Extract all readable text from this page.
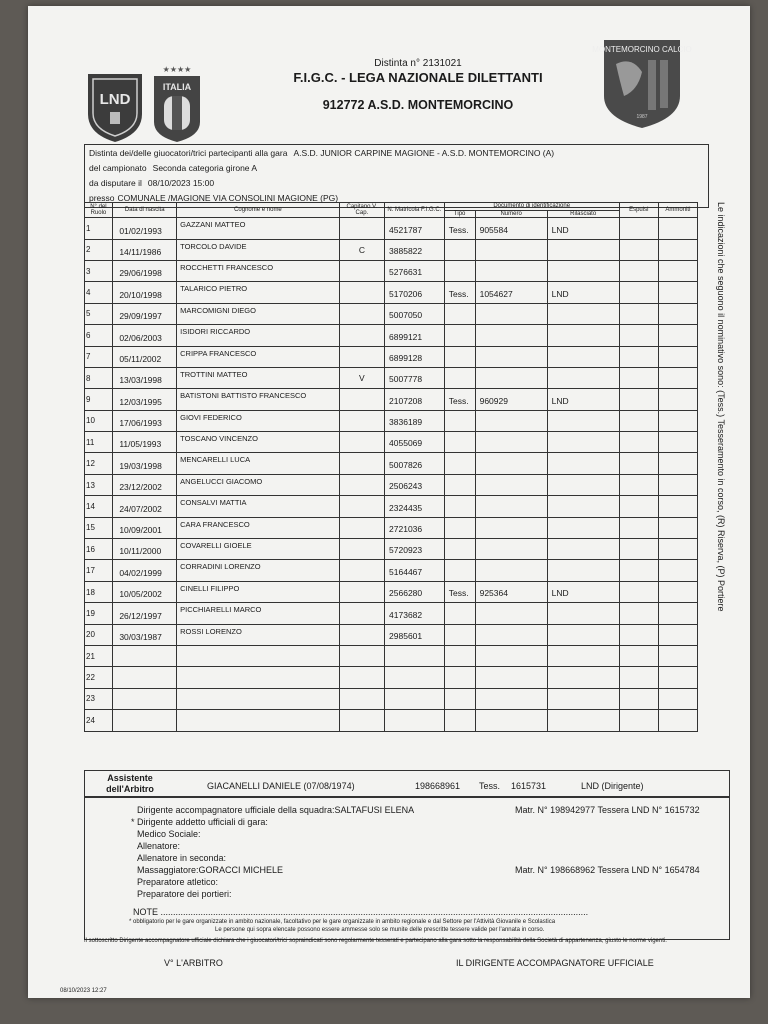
LND
★★★★
ITALIA
MONTEMORCINO CALCIO
1987
Distinta n° 2131021
F.I.G.C. - LEGA NAZIONALE DILETTANTI
912772 A.S.D. MONTEMORCINO
Distinta dei/delle giuocatori/trici partecipanti alla gara A.S.D. JUNIOR CARPINE MAGIONE - A.S.D. MONTEMORCINO (A)
del campionato Seconda categoria girone A
da disputare il 08/10/2023 15:00
presso COMUNALE /MAGIONE VIA CONSOLINI MAGIONE (PG)
Le indicazioni che seguono il nominativo sono: (Tess.) Tesseramento in corso, (R) Riserva, (P) Portiere
	N° del Ruolo	Data di nascita	Cognome e nome	Capitano V. Cap.	N. Matricola F.I.G.C.	Documento di identificazione			Espulsi	Ammoniti
					Tipo	Numero	Rilasciato		
1		01/02/1993	GAZZANI MATTEO		4521787	Tess.	905584	LND		

2		14/11/1986	TORCOLO DAVIDE	C	3885822					

3		29/06/1998	ROCCHETTI FRANCESCO		5276631					

4		20/10/1998	TALARICO PIETRO		5170206	Tess.	1054627	LND		

5		29/09/1997	MARCOMIGNI DIEGO		5007050					

6		02/06/2003	ISIDORI RICCARDO		6899121					

7		05/11/2002	CRIPPA FRANCESCO		6899128					

8		13/03/1998	TROTTINI MATTEO	V	5007778					

9		12/03/1995	BATISTONI BATTISTO FRANCESCO		2107208	Tess.	960929	LND		

10		17/06/1993	GIOVI FEDERICO		3836189					

11		11/05/1993	TOSCANO VINCENZO		4055069					

12		19/03/1998	MENCARELLI LUCA		5007826					

13		23/12/2002	ANGELUCCI GIACOMO		2506243					

14		24/07/2002	CONSALVI MATTIA		2324435					

15		10/09/2001	CARA FRANCESCO		2721036					

16		10/11/2000	COVARELLI GIOELE		5720923					

17		04/02/1999	CORRADINI LORENZO		5164467					

18		10/05/2002	CINELLI FILIPPO		2566280	Tess.	925364	LND		

19		26/12/1997	PICCHIARELLI MARCO		4173682					

20		30/03/1987	ROSSI LORENZO		2985601					

21		

22		

23		

24		

Assistente dell'Arbitro	GIACANELLI DANIELE (07/08/1974)	198668961 Tess. 1615731	LND (Dirigente)
Dirigente accompagnatore ufficiale della squadra:SALTAFUSI ELENA	Matr. N° 198942977 Tessera LND N° 1615732
* Dirigente addetto ufficiali di gara:
Medico Sociale:
Allenatore:
Allenatore in seconda:
Massaggiatore:GORACCI MICHELE	Matr. N° 198668962 Tessera LND N° 1654784
Preparatore atletico:
Preparatore dei portieri:
NOTE ...........................................................................................................................................................................
* obbligatorio per le gare organizzate in ambito nazionale, facoltativo per le gare organizzate in ambito regionale e dal Settore per l'Attività Giovanile e Scolastica
Le persone qui sopra elencate possono essere ammesse solo se munite delle prescritte tessere valide per l'annata in corso.
Il sottoscritto Dirigente accompagnatore ufficiale dichiara che i giuocatori/trici sopraindicati sono regolarmente tesserati e partecipano alla gara sotto la responsabilità della Società di appartenenza, giusto le norme vigenti.
V° L'ARBITRO	IL DIRIGENTE ACCOMPAGNATORE UFFICIALE
08/10/2023 12:27
